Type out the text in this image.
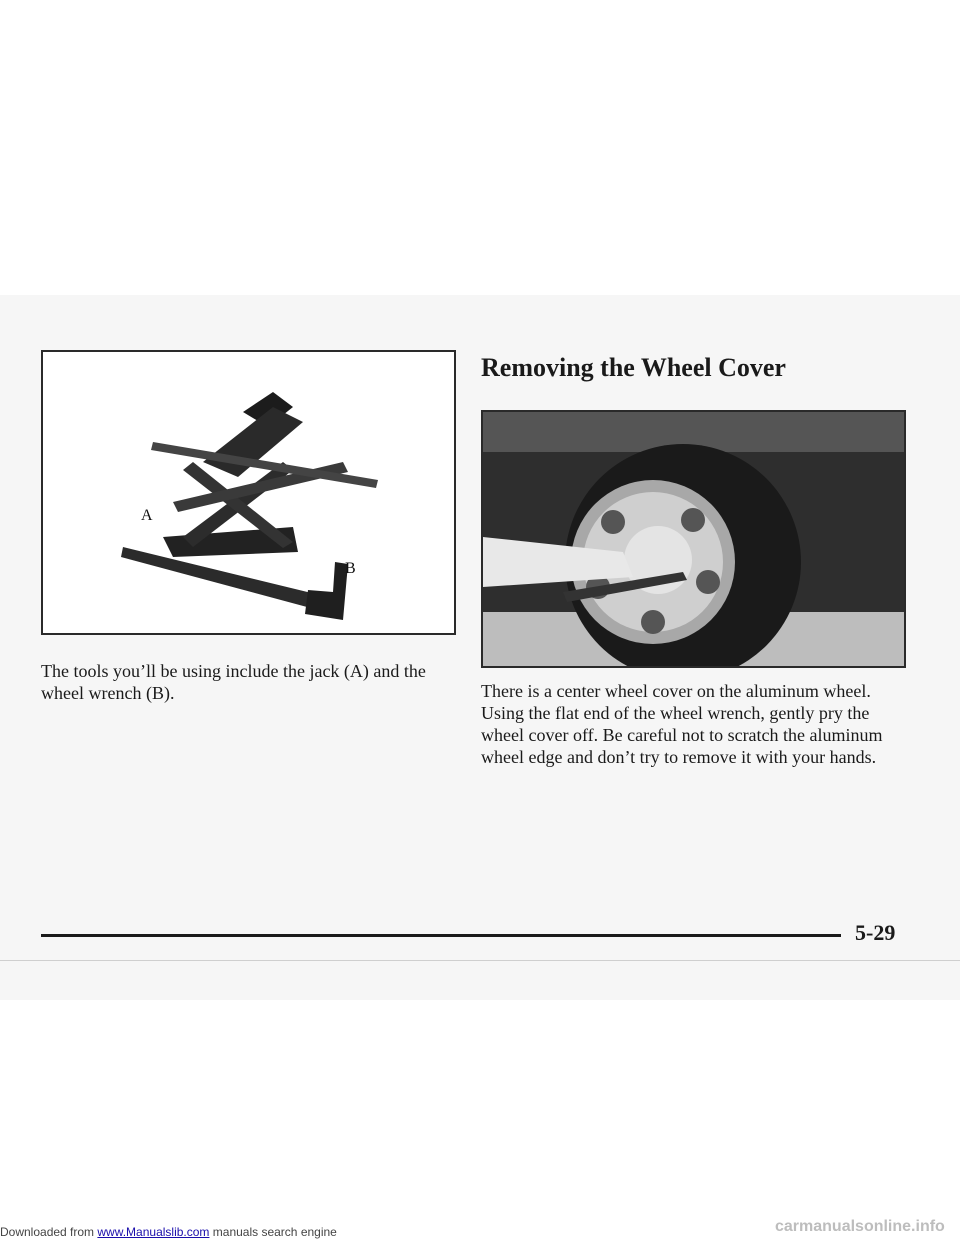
A
B
The tools you’ll be using include the jack (A) and the wheel wrench (B).
Removing the Wheel Cover
There is a center wheel cover on the aluminum wheel. Using the flat end of the wheel wrench, gently pry the wheel cover off. Be careful not to scratch the aluminum wheel edge and don’t try to remove it with your hands.
5-29
Downloaded from www.Manualslib.com manuals search engine	carmanualsonline.info
